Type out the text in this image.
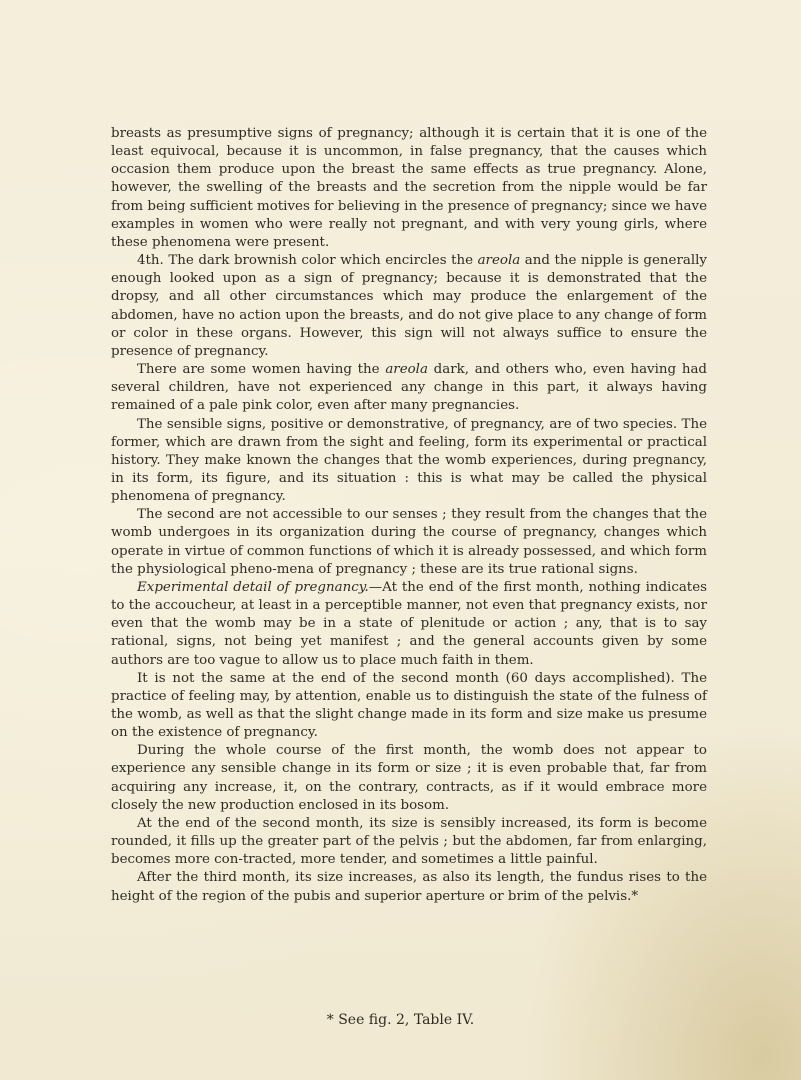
breasts as presumptive signs of pregnancy; although it is certain that it is one of the least equivocal, because it is uncommon, in false pregnancy, that the causes which occasion them produce upon the breast the same effects as true pregnancy. Alone, however, the swelling of the breasts and the secretion from the nipple would be far from being sufficient motives for believing in the presence of pregnancy; since we have examples in women who were really not pregnant, and with very young girls, where these phenomena were present.

4th. The dark brownish color which encircles the areola and the nipple is generally enough looked upon as a sign of pregnancy; because it is demonstrated that the dropsy, and all other circumstances which may produce the enlargement of the abdomen, have no action upon the breasts, and do not give place to any change of form or color in these organs. However, this sign will not always suffice to ensure the presence of pregnancy.

There are some women having the areola dark, and others who, even having had several children, have not experienced any change in this part, it always having remained of a pale pink color, even after many pregnancies.

The sensible signs, positive or demonstrative, of pregnancy, are of two species. The former, which are drawn from the sight and feeling, form its experimental or practical history. They make known the changes that the womb experiences, during pregnancy, in its form, its figure, and its situation : this is what may be called the physical phenomena of pregnancy.

The second are not accessible to our senses ; they result from the changes that the womb undergoes in its organization during the course of pregnancy, changes which operate in virtue of common functions of which it is already possessed, and which form the physiological pheno-mena of pregnancy ; these are its true rational signs.

Experimental detail of pregnancy.—At the end of the first month, nothing indicates to the accoucheur, at least in a perceptible manner, not even that pregnancy exists, nor even that the womb may be in a state of plenitude or action ; any, that is to say rational, signs, not being yet manifest ; and the general accounts given by some authors are too vague to allow us to place much faith in them.

It is not the same at the end of the second month (60 days accomplished). The practice of feeling may, by attention, enable us to distinguish the state of the fulness of the womb, as well as that the slight change made in its form and size make us presume on the existence of pregnancy.

During the whole course of the first month, the womb does not appear to experience any sensible change in its form or size ; it is even probable that, far from acquiring any increase, it, on the contrary, contracts, as if it would embrace more closely the new production enclosed in its bosom.

At the end of the second month, its size is sensibly increased, its form is become rounded, it fills up the greater part of the pelvis ; but the abdomen, far from enlarging, becomes more con-tracted, more tender, and sometimes a little painful.

After the third month, its size increases, as also its length, the fundus rises to the height of the region of the pubis and superior aperture or brim of the pelvis.*

* See fig. 2, Table IV.
